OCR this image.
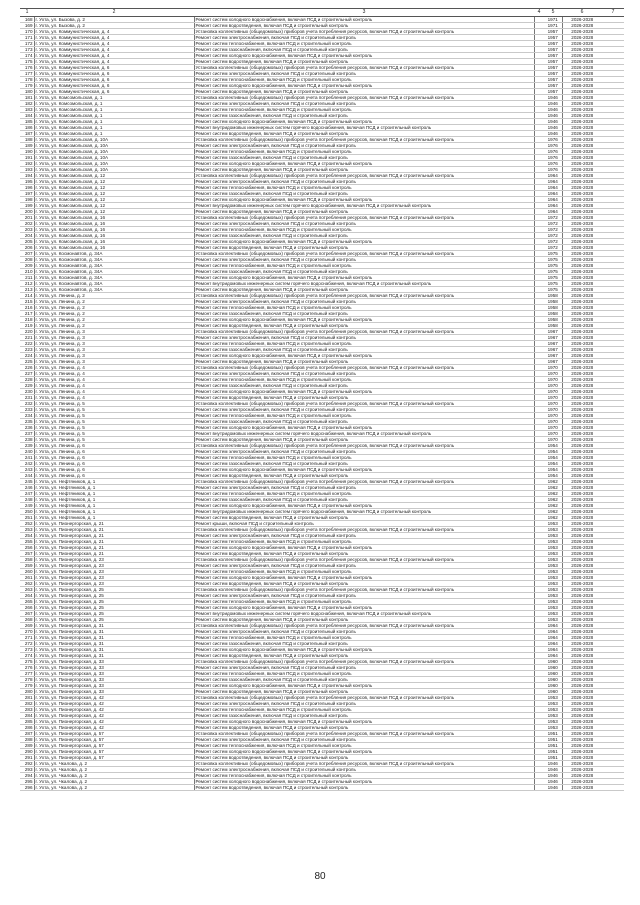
1	2	3	4	5	6	7
168	г. Ухта, ул. Бызова, д. 2	Ремонт систем холодного водоснабжения, включая ПСД и строительный контроль		1971	2026-2028	
169	г. Ухта, ул. Бызова, д. 2	Ремонт систем водоотведения, включая ПСД и строительный контроль		1971	2026-2028	
170	г. Ухта, ул. Коммунистическая, д. 4	Установка коллективных (общедомовых) приборов учета потребления ресурсов, включая ПСД и строительный контроль		1957	2026-2028	
171	г. Ухта, ул. Коммунистическая, д. 4	Ремонт систем электроснабжения, включая ПСД и строительный контроль		1957	2026-2028	
172	г. Ухта, ул. Коммунистическая, д. 4	Ремонт систем теплоснабжения, включая ПСД и строительный контроль		1957	2026-2028	
173	г. Ухта, ул. Коммунистическая, д. 4	Ремонт систем газоснабжения, включая ПСД и строительный контроль		1957	2026-2028	
174	г. Ухта, ул. Коммунистическая, д. 4	Ремонт систем холодного водоснабжения, включая ПСД и строительный контроль		1957	2026-2028	
175	г. Ухта, ул. Коммунистическая, д. 4	Ремонт систем водоотведения, включая ПСД и строительный контроль		1957	2026-2028	
176	г. Ухта, ул. Коммунистическая, д. 6	Установка коллективных (общедомовых) приборов учета потребления ресурсов, включая ПСД и строительный контроль		1957	2026-2028	
177	г. Ухта, ул. Коммунистическая, д. 6	Ремонт систем электроснабжения, включая ПСД и строительный контроль		1957	2026-2028	
178	г. Ухта, ул. Коммунистическая, д. 6	Ремонт систем теплоснабжения, включая ПСД и строительный контроль		1957	2026-2028	
179	г. Ухта, ул. Коммунистическая, д. 6	Ремонт систем холодного водоснабжения, включая ПСД и строительный контроль		1957	2026-2028	
180	г. Ухта, ул. Коммунистическая, д. 6	Ремонт систем водоотведения, включая ПСД и строительный контроль		1957	2026-2028	
181	г. Ухта, ул. Комсомольская, д. 1	Установка коллективных (общедомовых) приборов учета потребления ресурсов, включая ПСД и строительный контроль		1946	2026-2028	
182	г. Ухта, ул. Комсомольская, д. 1	Ремонт систем электроснабжения, включая ПСД и строительный контроль		1946	2026-2028	
183	г. Ухта, ул. Комсомольская, д. 1	Ремонт систем теплоснабжения, включая ПСД и строительный контроль		1946	2026-2028	
184	г. Ухта, ул. Комсомольская, д. 1	Ремонт систем газоснабжения, включая ПСД и строительный контроль		1946	2026-2028	
185	г. Ухта, ул. Комсомольская, д. 1	Ремонт систем холодного водоснабжения, включая ПСД и строительный контроль		1946	2026-2028	
186	г. Ухта, ул. Комсомольская, д. 1	Ремонт внутридомовых инженерных систем горячего водоснабжения, включая ПСД и строительный контроль		1946	2026-2028	
187	г. Ухта, ул. Комсомольская, д. 1	Ремонт систем водоотведения, включая ПСД и строительный контроль		1946	2026-2028	
188	г. Ухта, ул. Комсомольская, д. 10А	Установка коллективных (общедомовых) приборов учета потребления ресурсов, включая ПСД и строительный контроль		1976	2026-2028	
189	г. Ухта, ул. Комсомольская, д. 10А	Ремонт систем электроснабжения, включая ПСД и строительный контроль		1976	2026-2028	
190	г. Ухта, ул. Комсомольская, д. 10А	Ремонт систем теплоснабжения, включая ПСД и строительный контроль		1976	2026-2028	
191	г. Ухта, ул. Комсомольская, д. 10А	Ремонт систем газоснабжения, включая ПСД и строительный контроль		1976	2026-2028	
192	г. Ухта, ул. Комсомольская, д. 10А	Ремонт систем холодного водоснабжения, включая ПСД и строительный контроль		1976	2026-2028	
193	г. Ухта, ул. Комсомольская, д. 10А	Ремонт систем водоотведения, включая ПСД и строительный контроль		1976	2026-2028	
194	г. Ухта, ул. Комсомольская, д. 12	Установка коллективных (общедомовых) приборов учета потребления ресурсов, включая ПСД и строительный контроль		1964	2026-2028	
195	г. Ухта, ул. Комсомольская, д. 12	Ремонт систем электроснабжения, включая ПСД и строительный контроль		1964	2026-2028	
196	г. Ухта, ул. Комсомольская, д. 12	Ремонт систем теплоснабжения, включая ПСД и строительный контроль		1964	2026-2028	
197	г. Ухта, ул. Комсомольская, д. 12	Ремонт систем газоснабжения, включая ПСД и строительный контроль		1964	2026-2028	
198	г. Ухта, ул. Комсомольская, д. 12	Ремонт систем холодного водоснабжения, включая ПСД и строительный контроль		1964	2026-2028	
199	г. Ухта, ул. Комсомольская, д. 12	Ремонт внутридомовых инженерных систем горячего водоснабжения, включая ПСД и строительный контроль		1964	2026-2028	
200	г. Ухта, ул. Комсомольская, д. 12	Ремонт систем водоотведения, включая ПСД и строительный контроль		1964	2026-2028	
201	г. Ухта, ул. Комсомольская, д. 16	Установка коллективных (общедомовых) приборов учета потребления ресурсов, включая ПСД и строительный контроль		1972	2026-2028	
202	г. Ухта, ул. Комсомольская, д. 16	Ремонт систем электроснабжения, включая ПСД и строительный контроль		1972	2026-2028	
203	г. Ухта, ул. Комсомольская, д. 16	Ремонт систем теплоснабжения, включая ПСД и строительный контроль		1972	2026-2028	
204	г. Ухта, ул. Комсомольская, д. 16	Ремонт систем газоснабжения, включая ПСД и строительный контроль		1972	2026-2028	
205	г. Ухта, ул. Комсомольская, д. 16	Ремонт систем холодного водоснабжения, включая ПСД и строительный контроль		1972	2026-2028	
206	г. Ухта, ул. Комсомольская, д. 16	Ремонт систем водоотведения, включая ПСД и строительный контроль		1972	2026-2028	
207	г. Ухта, ул. Космонавтов, д. 34А	Установка коллективных (общедомовых) приборов учета потребления ресурсов, включая ПСД и строительный контроль		1975	2026-2028	
208	г. Ухта, ул. Космонавтов, д. 34А	Ремонт систем электроснабжения, включая ПСД и строительный контроль		1975	2026-2028	
209	г. Ухта, ул. Космонавтов, д. 34А	Ремонт систем теплоснабжения, включая ПСД и строительный контроль		1975	2026-2028	
210	г. Ухта, ул. Космонавтов, д. 34А	Ремонт систем газоснабжения, включая ПСД и строительный контроль		1975	2026-2028	
211	г. Ухта, ул. Космонавтов, д. 34А	Ремонт систем холодного водоснабжения, включая ПСД и строительный контроль		1975	2026-2028	
212	г. Ухта, ул. Космонавтов, д. 34А	Ремонт внутридомовых инженерных систем горячего водоснабжения, включая ПСД и строительный контроль		1975	2026-2028	
213	г. Ухта, ул. Космонавтов, д. 34А	Ремонт систем водоотведения, включая ПСД и строительный контроль		1975	2026-2028	
214	г. Ухта, ул. Ленина, д. 2	Установка коллективных (общедомовых) приборов учета потребления ресурсов, включая ПСД и строительный контроль		1958	2026-2028	
215	г. Ухта, ул. Ленина, д. 2	Ремонт систем электроснабжения, включая ПСД и строительный контроль		1958	2026-2028	
216	г. Ухта, ул. Ленина, д. 2	Ремонт систем теплоснабжения, включая ПСД и строительный контроль		1958	2026-2028	
217	г. Ухта, ул. Ленина, д. 2	Ремонт систем газоснабжения, включая ПСД и строительный контроль		1958	2026-2028	
218	г. Ухта, ул. Ленина, д. 2	Ремонт систем холодного водоснабжения, включая ПСД и строительный контроль		1958	2026-2028	
219	г. Ухта, ул. Ленина, д. 2	Ремонт систем водоотведения, включая ПСД и строительный контроль		1958	2026-2028	
220	г. Ухта, ул. Ленина, д. 3	Установка коллективных (общедомовых) приборов учета потребления ресурсов, включая ПСД и строительный контроль		1967	2026-2028	
221	г. Ухта, ул. Ленина, д. 3	Ремонт систем электроснабжения, включая ПСД и строительный контроль		1967	2026-2028	
222	г. Ухта, ул. Ленина, д. 3	Ремонт систем теплоснабжения, включая ПСД и строительный контроль		1967	2026-2028	
223	г. Ухта, ул. Ленина, д. 3	Ремонт систем газоснабжения, включая ПСД и строительный контроль		1967	2026-2028	
224	г. Ухта, ул. Ленина, д. 3	Ремонт систем холодного водоснабжения, включая ПСД и строительный контроль		1967	2026-2028	
225	г. Ухта, ул. Ленина, д. 3	Ремонт систем водоотведения, включая ПСД и строительный контроль		1967	2026-2028	
226	г. Ухта, ул. Ленина, д. 4	Установка коллективных (общедомовых) приборов учета потребления ресурсов, включая ПСД и строительный контроль		1970	2026-2028	
227	г. Ухта, ул. Ленина, д. 4	Ремонт систем электроснабжения, включая ПСД и строительный контроль		1970	2026-2028	
228	г. Ухта, ул. Ленина, д. 4	Ремонт систем теплоснабжения, включая ПСД и строительный контроль		1970	2026-2028	
229	г. Ухта, ул. Ленина, д. 4	Ремонт систем газоснабжения, включая ПСД и строительный контроль		1970	2026-2028	
230	г. Ухта, ул. Ленина, д. 4	Ремонт систем холодного водоснабжения, включая ПСД и строительный контроль		1970	2026-2028	
231	г. Ухта, ул. Ленина, д. 4	Ремонт систем водоотведения, включая ПСД и строительный контроль		1970	2026-2028	
232	г. Ухта, ул. Ленина, д. 5	Установка коллективных (общедомовых) приборов учета потребления ресурсов, включая ПСД и строительный контроль		1970	2026-2028	
233	г. Ухта, ул. Ленина, д. 5	Ремонт систем электроснабжения, включая ПСД и строительный контроль		1970	2026-2028	
234	г. Ухта, ул. Ленина, д. 5	Ремонт систем теплоснабжения, включая ПСД и строительный контроль		1970	2026-2028	
235	г. Ухта, ул. Ленина, д. 5	Ремонт систем газоснабжения, включая ПСД и строительный контроль		1970	2026-2028	
236	г. Ухта, ул. Ленина, д. 5	Ремонт систем холодного водоснабжения, включая ПСД и строительный контроль		1970	2026-2028	
237	г. Ухта, ул. Ленина, д. 5	Ремонт внутридомовых инженерных систем горячего водоснабжения, включая ПСД и строительный контроль		1970	2026-2028	
238	г. Ухта, ул. Ленина, д. 5	Ремонт систем водоотведения, включая ПСД и строительный контроль		1970	2026-2028	
239	г. Ухта, ул. Ленина, д. 6	Установка коллективных (общедомовых) приборов учета потребления ресурсов, включая ПСД и строительный контроль		1954	2026-2028	
240	г. Ухта, ул. Ленина, д. 6	Ремонт систем электроснабжения, включая ПСД и строительный контроль		1954	2026-2028	
241	г. Ухта, ул. Ленина, д. 6	Ремонт систем теплоснабжения, включая ПСД и строительный контроль		1954	2026-2028	
242	г. Ухта, ул. Ленина, д. 6	Ремонт систем газоснабжения, включая ПСД и строительный контроль		1954	2026-2028	
243	г. Ухта, ул. Ленина, д. 6	Ремонт систем холодного водоснабжения, включая ПСД и строительный контроль		1954	2026-2028	
244	г. Ухта, ул. Ленина, д. 6	Ремонт систем водоотведения, включая ПСД и строительный контроль		1954	2026-2028	
245	г. Ухта, ул. Нефтяников, д. 1	Установка коллективных (общедомовых) приборов учета потребления ресурсов, включая ПСД и строительный контроль		1962	2026-2028	
246	г. Ухта, ул. Нефтяников, д. 1	Ремонт систем электроснабжения, включая ПСД и строительный контроль		1962	2026-2028	
247	г. Ухта, ул. Нефтяников, д. 1	Ремонт систем теплоснабжения, включая ПСД и строительный контроль		1962	2026-2028	
248	г. Ухта, ул. Нефтяников, д. 1	Ремонт систем газоснабжения, включая ПСД и строительный контроль		1962	2026-2028	
249	г. Ухта, ул. Нефтяников, д. 1	Ремонт систем холодного водоснабжения, включая ПСД и строительный контроль		1962	2026-2028	
250	г. Ухта, ул. Нефтяников, д. 1	Ремонт внутридомовых инженерных систем горячего водоснабжения, включая ПСД и строительный контроль		1962	2026-2028	
251	г. Ухта, ул. Нефтяников, д. 1	Ремонт систем водоотведения, включая ПСД и строительный контроль		1962	2026-2028	
252	г. Ухта, ул. Пионергорская, д. 21	Ремонт крыши, включая ПСД и строительный контроль		1953	2026-2028	
253	г. Ухта, ул. Пионергорская, д. 21	Установка коллективных (общедомовых) приборов учета потребления ресурсов, включая ПСД и строительный контроль		1953	2026-2028	
254	г. Ухта, ул. Пионергорская, д. 21	Ремонт систем электроснабжения, включая ПСД и строительный контроль		1953	2026-2028	
255	г. Ухта, ул. Пионергорская, д. 21	Ремонт систем теплоснабжения, включая ПСД и строительный контроль		1953	2026-2028	
256	г. Ухта, ул. Пионергорская, д. 21	Ремонт систем холодного водоснабжения, включая ПСД и строительный контроль		1953	2026-2028	
257	г. Ухта, ул. Пионергорская, д. 21	Ремонт систем водоотведения, включая ПСД и строительный контроль		1953	2026-2028	
258	г. Ухта, ул. Пионергорская, д. 23	Установка коллективных (общедомовых) приборов учета потребления ресурсов, включая ПСД и строительный контроль		1953	2026-2028	
259	г. Ухта, ул. Пионергорская, д. 23	Ремонт систем электроснабжения, включая ПСД и строительный контроль		1953	2026-2028	
260	г. Ухта, ул. Пионергорская, д. 23	Ремонт систем теплоснабжения, включая ПСД и строительный контроль		1953	2026-2028	
261	г. Ухта, ул. Пионергорская, д. 23	Ремонт систем холодного водоснабжения, включая ПСД и строительный контроль		1953	2026-2028	
262	г. Ухта, ул. Пионергорская, д. 23	Ремонт систем водоотведения, включая ПСД и строительный контроль		1953	2026-2028	
263	г. Ухта, ул. Пионергорская, д. 25	Установка коллективных (общедомовых) приборов учета потребления ресурсов, включая ПСД и строительный контроль		1953	2026-2028	
264	г. Ухта, ул. Пионергорская, д. 25	Ремонт систем электроснабжения, включая ПСД и строительный контроль		1953	2026-2028	
265	г. Ухта, ул. Пионергорская, д. 25	Ремонт систем теплоснабжения, включая ПСД и строительный контроль		1953	2026-2028	
266	г. Ухта, ул. Пионергорская, д. 25	Ремонт систем холодного водоснабжения, включая ПСД и строительный контроль		1953	2026-2028	
267	г. Ухта, ул. Пионергорская, д. 25	Ремонт внутридомовых инженерных систем горячего водоснабжения, включая ПСД и строительный контроль		1953	2026-2028	
268	г. Ухта, ул. Пионергорская, д. 25	Ремонт систем водоотведения, включая ПСД и строительный контроль		1953	2026-2028	
269	г. Ухта, ул. Пионергорская, д. 31	Установка коллективных (общедомовых) приборов учета потребления ресурсов, включая ПСД и строительный контроль		1964	2026-2028	
270	г. Ухта, ул. Пионергорская, д. 31	Ремонт систем электроснабжения, включая ПСД и строительный контроль		1964	2026-2028	
271	г. Ухта, ул. Пионергорская, д. 31	Ремонт систем теплоснабжения, включая ПСД и строительный контроль		1964	2026-2028	
272	г. Ухта, ул. Пионергорская, д. 31	Ремонт систем газоснабжения, включая ПСД и строительный контроль		1964	2026-2028	
273	г. Ухта, ул. Пионергорская, д. 31	Ремонт систем холодного водоснабжения, включая ПСД и строительный контроль		1964	2026-2028	
274	г. Ухта, ул. Пионергорская, д. 31	Ремонт систем водоотведения, включая ПСД и строительный контроль		1964	2026-2028	
275	г. Ухта, ул. Пионергорская, д. 33	Установка коллективных (общедомовых) приборов учета потребления ресурсов, включая ПСД и строительный контроль		1960	2026-2028	
276	г. Ухта, ул. Пионергорская, д. 33	Ремонт систем электроснабжения, включая ПСД и строительный контроль		1960	2026-2028	
277	г. Ухта, ул. Пионергорская, д. 33	Ремонт систем теплоснабжения, включая ПСД и строительный контроль		1960	2026-2028	
278	г. Ухта, ул. Пионергорская, д. 33	Ремонт систем газоснабжения, включая ПСД и строительный контроль		1960	2026-2028	
279	г. Ухта, ул. Пионергорская, д. 33	Ремонт систем холодного водоснабжения, включая ПСД и строительный контроль		1960	2026-2028	
280	г. Ухта, ул. Пионергорская, д. 33	Ремонт систем водоотведения, включая ПСД и строительный контроль		1960	2026-2028	
281	г. Ухта, ул. Пионергорская, д. 42	Установка коллективных (общедомовых) приборов учета потребления ресурсов, включая ПСД и строительный контроль		1953	2026-2028	
282	г. Ухта, ул. Пионергорская, д. 42	Ремонт систем электроснабжения, включая ПСД и строительный контроль		1953	2026-2028	
283	г. Ухта, ул. Пионергорская, д. 42	Ремонт систем теплоснабжения, включая ПСД и строительный контроль		1953	2026-2028	
284	г. Ухта, ул. Пионергорская, д. 42	Ремонт систем газоснабжения, включая ПСД и строительный контроль		1953	2026-2028	
285	г. Ухта, ул. Пионергорская, д. 42	Ремонт систем холодного водоснабжения, включая ПСД и строительный контроль		1953	2026-2028	
286	г. Ухта, ул. Пионергорская, д. 42	Ремонт систем водоотведения, включая ПСД и строительный контроль		1953	2026-2028	
287	г. Ухта, ул. Пионергорская, д. 57	Установка коллективных (общедомовых) приборов учета потребления ресурсов, включая ПСД и строительный контроль		1951	2026-2028	
288	г. Ухта, ул. Пионергорская, д. 57	Ремонт систем электроснабжения, включая ПСД и строительный контроль		1951	2026-2028	
289	г. Ухта, ул. Пионергорская, д. 57	Ремонт систем теплоснабжения, включая ПСД и строительный контроль		1951	2026-2028	
290	г. Ухта, ул. Пионергорская, д. 57	Ремонт систем холодного водоснабжения, включая ПСД и строительный контроль		1951	2026-2028	
291	г. Ухта, ул. Пионергорская, д. 57	Ремонт систем водоотведения, включая ПСД и строительный контроль		1951	2026-2028	
292	г. Ухта, ул. Чкалова, д. 2	Установка коллективных (общедомовых) приборов учета потребления ресурсов, включая ПСД и строительный контроль		1946	2026-2028	
293	г. Ухта, ул. Чкалова, д. 2	Ремонт систем электроснабжения, включая ПСД и строительный контроль		1946	2026-2028	
294	г. Ухта, ул. Чкалова, д. 2	Ремонт систем теплоснабжения, включая ПСД и строительный контроль		1946	2026-2028	
295	г. Ухта, ул. Чкалова, д. 2	Ремонт систем холодного водоснабжения, включая ПСД и строительный контроль		1946	2026-2028	
296	г. Ухта, ул. Чкалова, д. 2	Ремонт систем водоотведения, включая ПСД и строительный контроль		1946	2026-2028	
80
